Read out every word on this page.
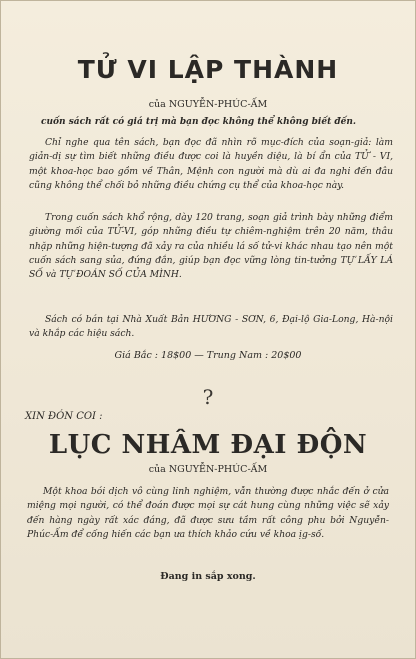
TỬ VI LẬP THÀNH
của NGUYỄN-PHÚC-ẤM
cuốn sách rất có giá trị mà bạn đọc không thể không biết đến.
Chỉ nghe qua tên sách, bạn đọc đã nhìn rõ mục-đích của soạn-giả: làm giản-dị sự tìm biết những điều được coi là huyền diệu, là bí ẩn của TỬ - VI, một khoa-học bao gồm về Thân, Mệnh con người mà dù ai đa nghi đến đâu cũng không thể chối bỏ những điều chứng cụ thể của khoa-học này.
Trong cuốn sách khổ rộng, dày 120 trang, soạn giả trình bày những điểm giường mối của TỬ-VI, góp những điều tự chiêm-nghiệm trên 20 năm, thâu nhặp những hiện-tượng đã xảy ra của nhiều lá số tử-vi khác nhau tạo nên một cuốn sách sang sủa, đứng đắn, giúp bạn đọc vững lòng tin-tưởng TỰ LẤY LÁ SỐ và TỰ ĐOÁN SỐ CỦA MÌNH.
Sách có bán tại Nhà Xuất Bản HƯƠNG - SƠN, 6, Đại-lộ Gia-Long, Hà-nội và khắp các hiệu sách.
Giá Bắc : 18$00 — Trung Nam : 20$00
?
XIN ĐÓN COI :
LỤC NHÂM ĐẠI ĐỘN
của NGUYỄN-PHÚC-ẤM
Một khoa bói dịch vô cùng linh nghiệm, vẫn thường được nhắc đến ở cửa miệng mọi người, có thể đoán được mọi sự cát hung cùng những việc sẽ xảy đến hàng ngày rất xác đáng, đã được sưu tầm rất công phu bởi Nguyễn-Phúc-Ấm để cống hiến các bạn ưa thích khảo cứu về khoa ịg-số.
Đang in sắp xong.
